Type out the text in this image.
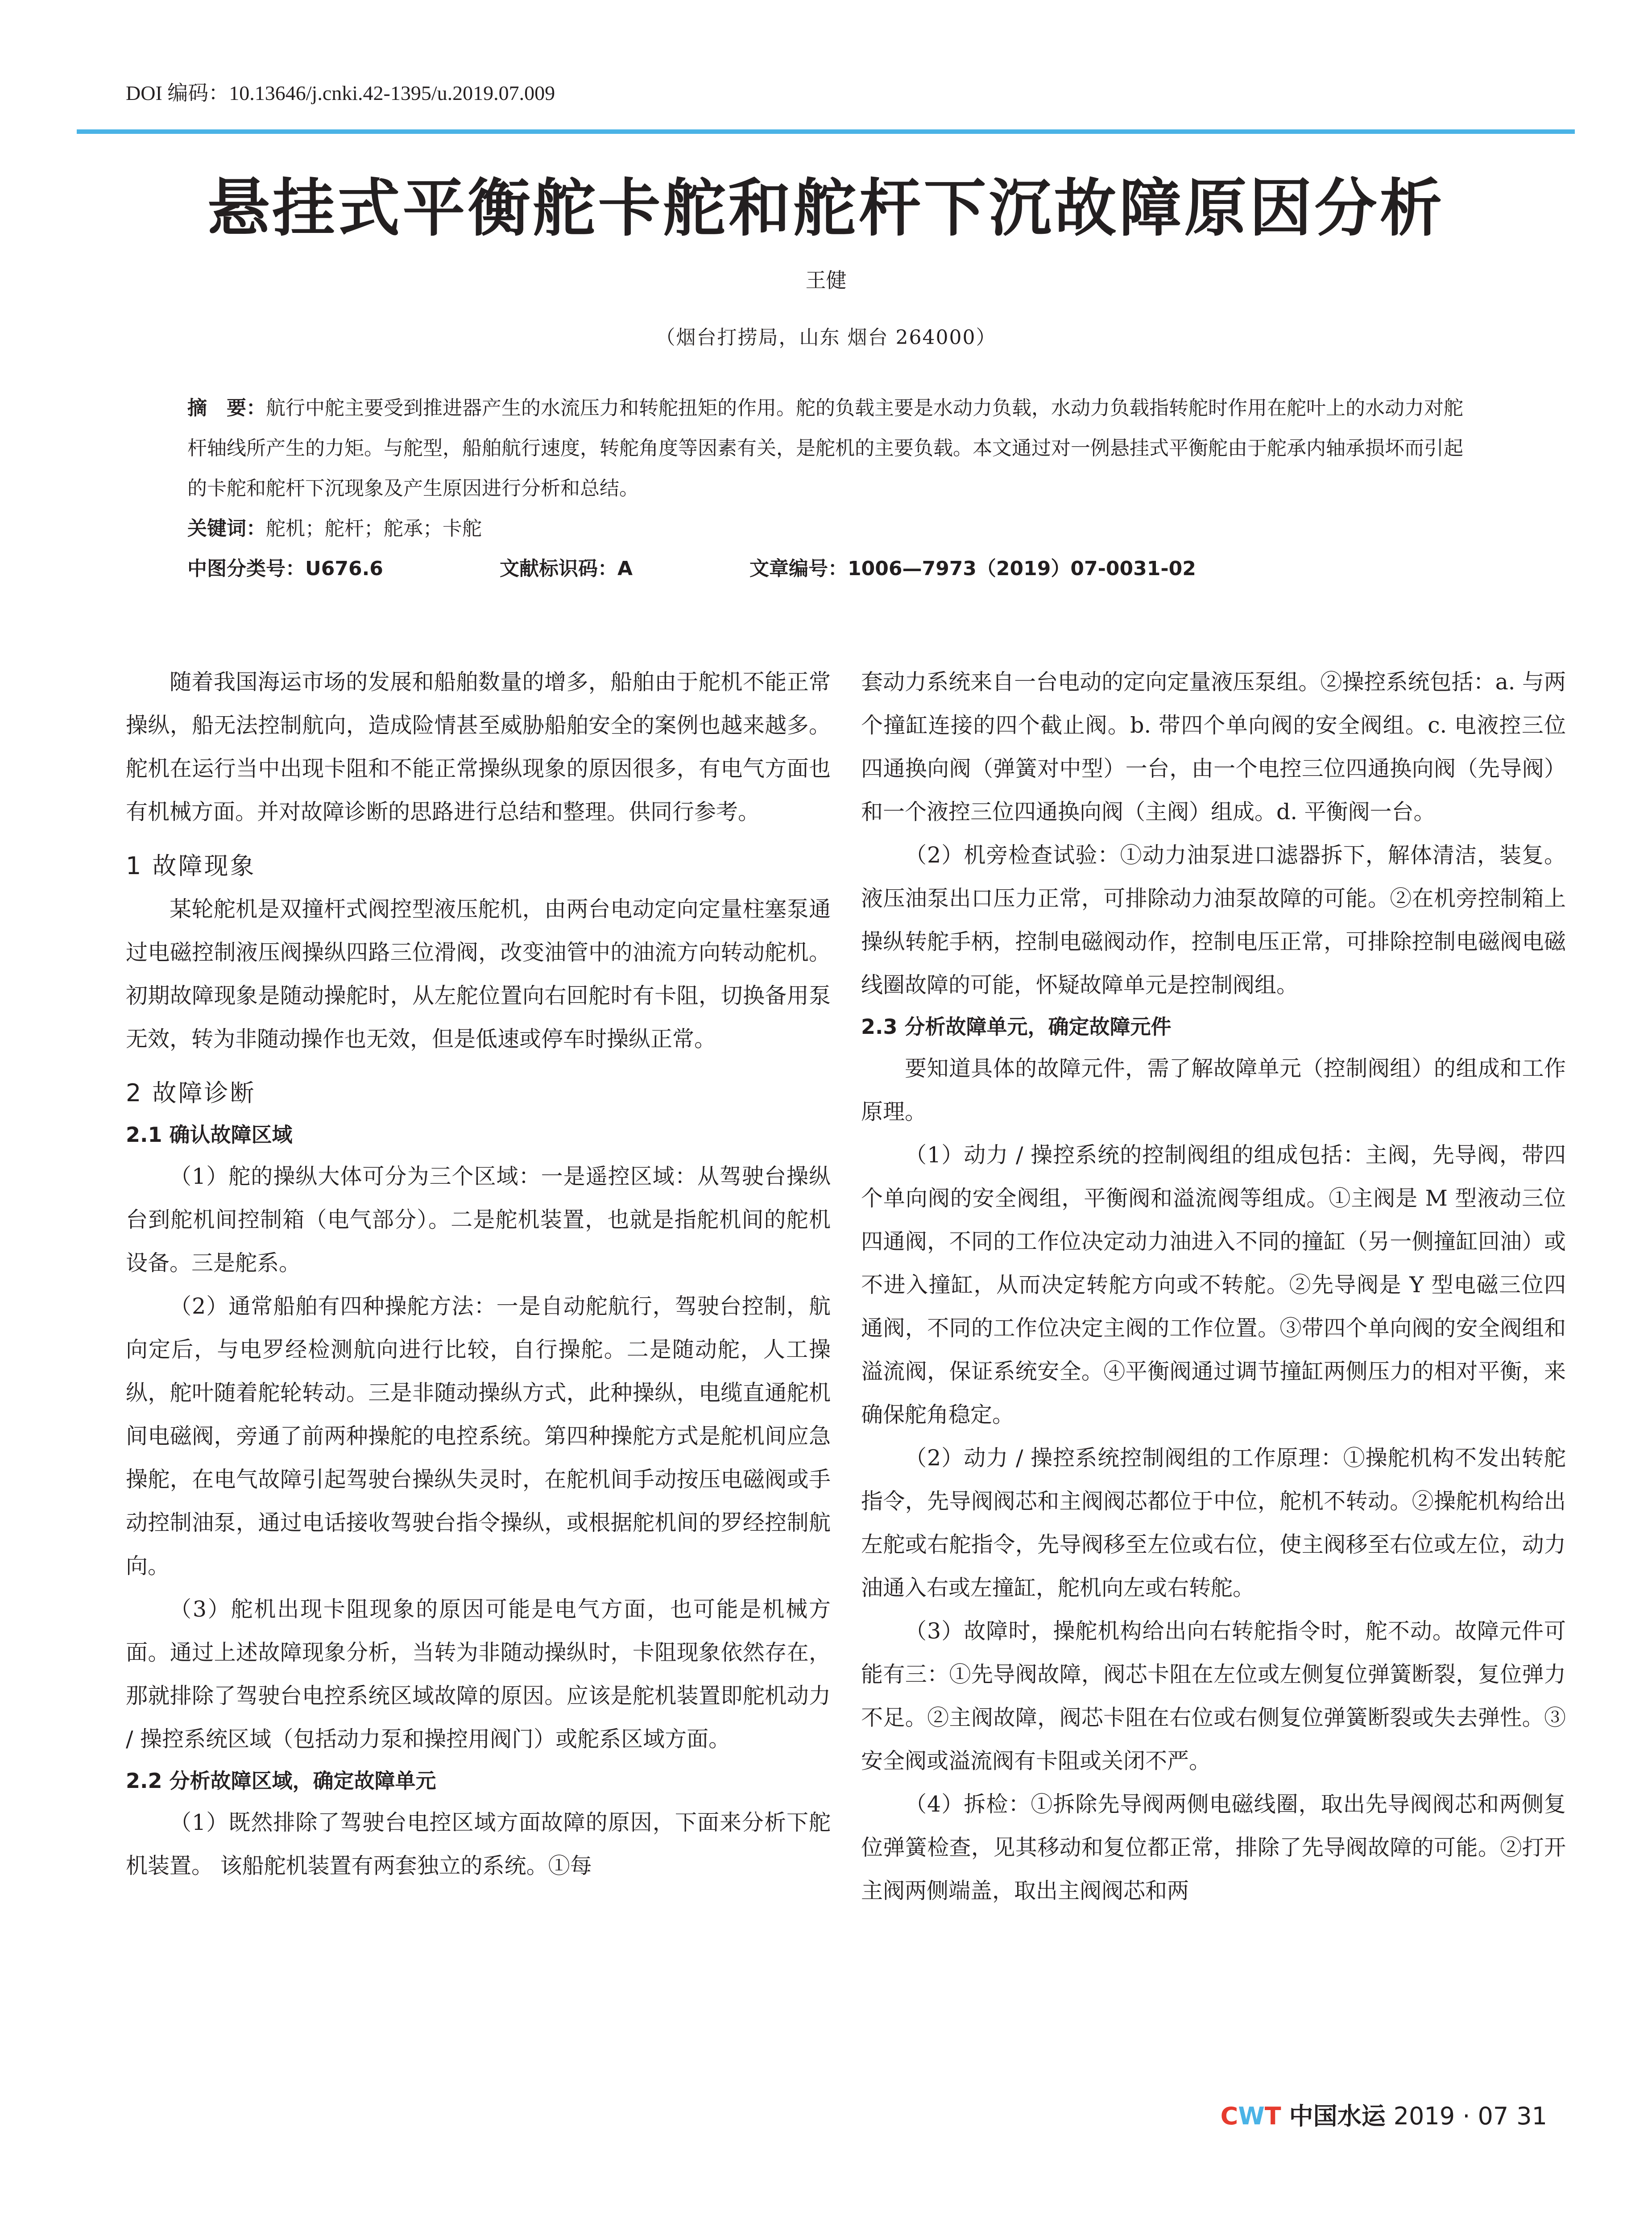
DOI 编码：10.13646/j.cnki.42-1395/u.2019.07.009
悬挂式平衡舵卡舵和舵杆下沉故障原因分析
王健
（烟台打捞局，山东 烟台 264000）

摘　要：航行中舵主要受到推进器产生的水流压力和转舵扭矩的作用。舵的负载主要是水动力负载，水动力负载指转舵时作用在舵叶上的水动力对舵杆轴线所产生的力矩。与舵型，船舶航行速度，转舵角度等因素有关，是舵机的主要负载。本文通过对一例悬挂式平衡舵由于舵承内轴承损坏而引起的卡舵和舵杆下沉现象及产生原因进行分析和总结。

关键词：舵机；舵杆；舵承；卡舵

中图分类号：U676.6	文献标识码：A	文章编号：1006—7973（2019）07-0031-02

随着我国海运市场的发展和船舶数量的增多，船舶由于舵机不能正常操纵，船无法控制航向，造成险情甚至威胁船舶安全的案例也越来越多。舵机在运行当中出现卡阻和不能正常操纵现象的原因很多，有电气方面也有机械方面。并对故障诊断的思路进行总结和整理。供同行参考。

1 故障现象

某轮舵机是双撞杆式阀控型液压舵机，由两台电动定向定量柱塞泵通过电磁控制液压阀操纵四路三位滑阀，改变油管中的油流方向转动舵机。初期故障现象是随动操舵时，从左舵位置向右回舵时有卡阻，切换备用泵无效，转为非随动操作也无效，但是低速或停车时操纵正常。

2 故障诊断
2.1 确认故障区域

（1）舵的操纵大体可分为三个区域：一是遥控区域：从驾驶台操纵台到舵机间控制箱（电气部分）。二是舵机装置，也就是指舵机间的舵机设备。三是舵系。

（2）通常船舶有四种操舵方法：一是自动舵航行，驾驶台控制，航向定后，与电罗经检测航向进行比较，自行操舵。二是随动舵，人工操纵，舵叶随着舵轮转动。三是非随动操纵方式，此种操纵，电缆直通舵机间电磁阀，旁通了前两种操舵的电控系统。第四种操舵方式是舵机间应急操舵，在电气故障引起驾驶台操纵失灵时，在舵机间手动按压电磁阀或手动控制油泵，通过电话接收驾驶台指令操纵，或根据舵机间的罗经控制航向。

（3）舵机出现卡阻现象的原因可能是电气方面，也可能是机械方面。通过上述故障现象分析，当转为非随动操纵时，卡阻现象依然存在，那就排除了驾驶台电控系统区域故障的原因。应该是舵机装置即舵机动力 / 操控系统区域（包括动力泵和操控用阀门）或舵系区域方面。

2.2 分析故障区域，确定故障单元

（1）既然排除了驾驶台电控区域方面故障的原因，下面来分析下舵机装置。 该船舵机装置有两套独立的系统。①每

套动力系统来自一台电动的定向定量液压泵组。②操控系统包括：a. 与两个撞缸连接的四个截止阀。b. 带四个单向阀的安全阀组。c. 电液控三位四通换向阀（弹簧对中型）一台，由一个电控三位四通换向阀（先导阀）和一个液控三位四通换向阀（主阀）组成。d. 平衡阀一台。

（2）机旁检查试验：①动力油泵进口滤器拆下，解体清洁，装复。液压油泵出口压力正常，可排除动力油泵故障的可能。②在机旁控制箱上操纵转舵手柄，控制电磁阀动作，控制电压正常，可排除控制电磁阀电磁线圈故障的可能，怀疑故障单元是控制阀组。

2.3 分析故障单元，确定故障元件

要知道具体的故障元件，需了解故障单元（控制阀组）的组成和工作原理。

（1）动力 / 操控系统的控制阀组的组成包括：主阀，先导阀，带四个单向阀的安全阀组，平衡阀和溢流阀等组成。①主阀是 M 型液动三位四通阀，不同的工作位决定动力油进入不同的撞缸（另一侧撞缸回油）或不进入撞缸，从而决定转舵方向或不转舵。②先导阀是 Y 型电磁三位四通阀，不同的工作位决定主阀的工作位置。③带四个单向阀的安全阀组和溢流阀，保证系统安全。④平衡阀通过调节撞缸两侧压力的相对平衡，来确保舵角稳定。

（2）动力 / 操控系统控制阀组的工作原理：①操舵机构不发出转舵指令，先导阀阀芯和主阀阀芯都位于中位，舵机不转动。②操舵机构给出左舵或右舵指令，先导阀移至左位或右位，使主阀移至右位或左位，动力油通入右或左撞缸，舵机向左或右转舵。

（3）故障时，操舵机构给出向右转舵指令时，舵不动。故障元件可能有三：①先导阀故障，阀芯卡阻在左位或左侧复位弹簧断裂，复位弹力不足。②主阀故障，阀芯卡阻在右位或右侧复位弹簧断裂或失去弹性。③安全阀或溢流阀有卡阻或关闭不严。

（4）拆检：①拆除先导阀两侧电磁线圈，取出先导阀阀芯和两侧复位弹簧检查，见其移动和复位都正常，排除了先导阀故障的可能。②打开主阀两侧端盖，取出主阀阀芯和两

CWT 中国水运 2019 · 07 31
